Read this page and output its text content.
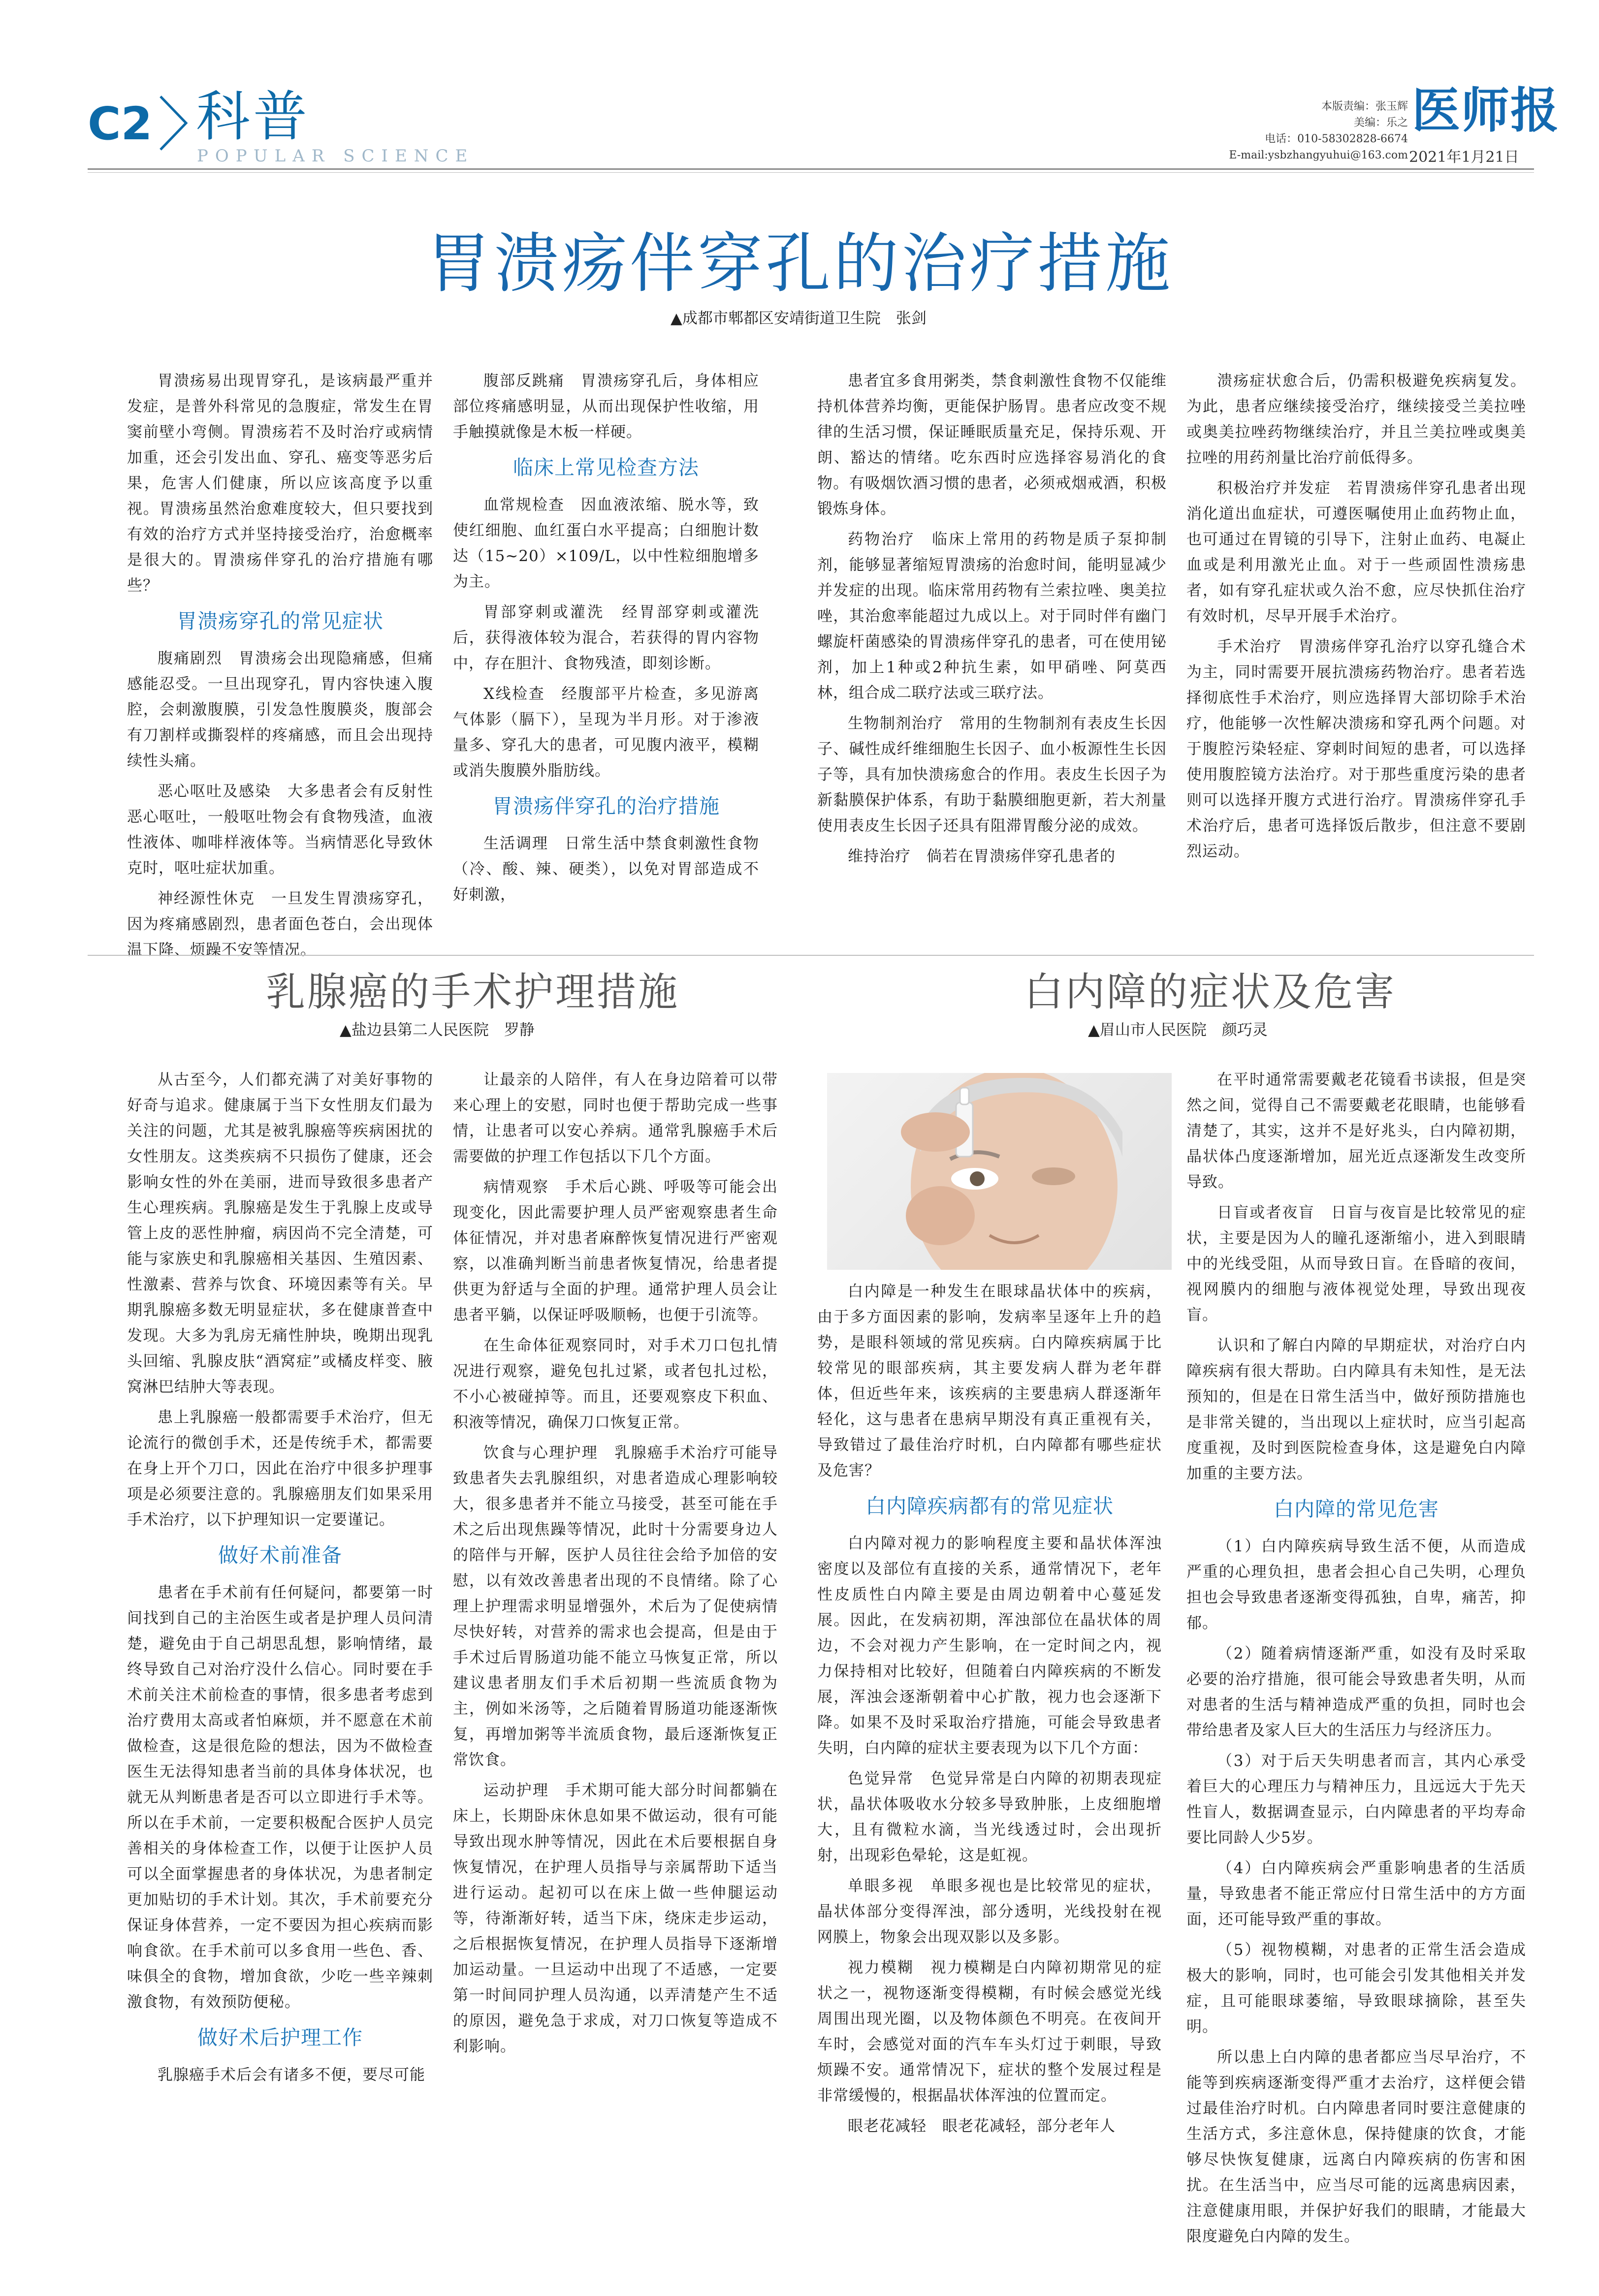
C2 科普
POPULAR SCIENCE
本版责编：张玉辉
美编：乐之
电话：010-58302828-6674
E-mail:ysbzhangyuhui@163.com
医师报
2021年1月21日
胃溃疡伴穿孔的治疗措施
▲成都市郫都区安靖街道卫生院　张剑

胃溃疡易出现胃穿孔，是该病最严重并发症，是普外科常见的急腹症，常发生在胃窦前壁小弯侧。胃溃疡若不及时治疗或病情加重，还会引发出血、穿孔、癌变等恶劣后果，危害人们健康，所以应该高度予以重视。胃溃疡虽然治愈难度较大，但只要找到有效的治疗方式并坚持接受治疗，治愈概率是很大的。胃溃疡伴穿孔的治疗措施有哪些？

胃溃疡穿孔的常见症状

腹痛剧烈　胃溃疡会出现隐痛感，但痛感能忍受。一旦出现穿孔，胃内容快速入腹腔，会刺激腹膜，引发急性腹膜炎，腹部会有刀割样或撕裂样的疼痛感，而且会出现持续性头痛。

恶心呕吐及感染　大多患者会有反射性恶心呕吐，一般呕吐物会有食物残渣，血液性液体、咖啡样液体等。当病情恶化导致休克时，呕吐症状加重。

神经源性休克　一旦发生胃溃疡穿孔，因为疼痛感剧烈，患者面色苍白，会出现体温下降、烦躁不安等情况。

腹部反跳痛　胃溃疡穿孔后，身体相应部位疼痛感明显，从而出现保护性收缩，用手触摸就像是木板一样硬。

临床上常见检查方法

血常规检查　因血液浓缩、脱水等，致使红细胞、血红蛋白水平提高；白细胞计数达（15~20）×109/L，以中性粒细胞增多为主。

胃部穿刺或灌洗　经胃部穿刺或灌洗后，获得液体较为混合，若获得的胃内容物中，存在胆汁、食物残渣，即刻诊断。

X线检查　经腹部平片检查，多见游离气体影（膈下），呈现为半月形。对于渗液量多、穿孔大的患者，可见腹内液平，模糊或消失腹膜外脂肪线。

胃溃疡伴穿孔的治疗措施

生活调理　日常生活中禁食刺激性食物（冷、酸、辣、硬类），以免对胃部造成不好刺激，

患者宜多食用粥类，禁食刺激性食物不仅能维持机体营养均衡，更能保护肠胃。患者应改变不规律的生活习惯，保证睡眠质量充足，保持乐观、开朗、豁达的情绪。吃东西时应选择容易消化的食物。有吸烟饮酒习惯的患者，必须戒烟戒酒，积极锻炼身体。

药物治疗　临床上常用的药物是质子泵抑制剂，能够显著缩短胃溃疡的治愈时间，能明显减少并发症的出现。临床常用药物有兰索拉唑、奥美拉唑，其治愈率能超过九成以上。对于同时伴有幽门螺旋杆菌感染的胃溃疡伴穿孔的患者，可在使用铋剂，加上1种或2种抗生素，如甲硝唑、阿莫西林，组合成二联疗法或三联疗法。

生物制剂治疗　常用的生物制剂有表皮生长因子、碱性成纤维细胞生长因子、血小板源性生长因子等，具有加快溃疡愈合的作用。表皮生长因子为新黏膜保护体系，有助于黏膜细胞更新，若大剂量使用表皮生长因子还具有阻滞胃酸分泌的成效。

维持治疗　倘若在胃溃疡伴穿孔患者的

溃疡症状愈合后，仍需积极避免疾病复发。为此，患者应继续接受治疗，继续接受兰美拉唑或奥美拉唑药物继续治疗，并且兰美拉唑或奥美拉唑的用药剂量比治疗前低得多。

积极治疗并发症　若胃溃疡伴穿孔患者出现消化道出血症状，可遵医嘱使用止血药物止血，也可通过在胃镜的引导下，注射止血药、电凝止血或是利用激光止血。对于一些顽固性溃疡患者，如有穿孔症状或久治不愈，应尽快抓住治疗有效时机，尽早开展手术治疗。

手术治疗　胃溃疡伴穿孔治疗以穿孔缝合术为主，同时需要开展抗溃疡药物治疗。患者若选择彻底性手术治疗，则应选择胃大部切除手术治疗，他能够一次性解决溃疡和穿孔两个问题。对于腹腔污染轻症、穿刺时间短的患者，可以选择使用腹腔镜方法治疗。对于那些重度污染的患者则可以选择开腹方式进行治疗。胃溃疡伴穿孔手术治疗后，患者可选择饭后散步，但注意不要剧烈运动。

乳腺癌的手术护理措施
▲盐边县第二人民医院　罗静

从古至今，人们都充满了对美好事物的好奇与追求。健康属于当下女性朋友们最为关注的问题，尤其是被乳腺癌等疾病困扰的女性朋友。这类疾病不只损伤了健康，还会影响女性的外在美丽，进而导致很多患者产生心理疾病。乳腺癌是发生于乳腺上皮或导管上皮的恶性肿瘤，病因尚不完全清楚，可能与家族史和乳腺癌相关基因、生殖因素、性激素、营养与饮食、环境因素等有关。早期乳腺癌多数无明显症状，多在健康普查中发现。大多为乳房无痛性肿块，晚期出现乳头回缩、乳腺皮肤“酒窝症”或橘皮样变、腋窝淋巴结肿大等表现。

患上乳腺癌一般都需要手术治疗，但无论流行的微创手术，还是传统手术，都需要在身上开个刀口，因此在治疗中很多护理事项是必须要注意的。乳腺癌朋友们如果采用手术治疗，以下护理知识一定要谨记。

做好术前准备

患者在手术前有任何疑问，都要第一时间找到自己的主治医生或者是护理人员问清楚，避免由于自己胡思乱想，影响情绪，最终导致自己对治疗没什么信心。同时要在手术前关注术前检查的事情，很多患者考虑到治疗费用太高或者怕麻烦，并不愿意在术前做检查，这是很危险的想法，因为不做检查医生无法得知患者当前的具体身体状况，也就无从判断患者是否可以立即进行手术等。所以在手术前，一定要积极配合医护人员完善相关的身体检查工作，以便于让医护人员可以全面掌握患者的身体状况，为患者制定更加贴切的手术计划。其次，手术前要充分保证身体营养，一定不要因为担心疾病而影响食欲。在手术前可以多食用一些色、香、味俱全的食物，增加食欲，少吃一些辛辣刺激食物，有效预防便秘。

做好术后护理工作

乳腺癌手术后会有诸多不便，要尽可能

让最亲的人陪伴，有人在身边陪着可以带来心理上的安慰，同时也便于帮助完成一些事情，让患者可以安心养病。通常乳腺癌手术后需要做的护理工作包括以下几个方面。

病情观察　手术后心跳、呼吸等可能会出现变化，因此需要护理人员严密观察患者生命体征情况，并对患者麻醉恢复情况进行严密观察，以准确判断当前患者恢复情况，给患者提供更为舒适与全面的护理。通常护理人员会让患者平躺，以保证呼吸顺畅，也便于引流等。

在生命体征观察同时，对手术刀口包扎情况进行观察，避免包扎过紧，或者包扎过松，不小心被碰掉等。而且，还要观察皮下积血、积液等情况，确保刀口恢复正常。

饮食与心理护理　乳腺癌手术治疗可能导致患者失去乳腺组织，对患者造成心理影响较大，很多患者并不能立马接受，甚至可能在手术之后出现焦躁等情况，此时十分需要身边人的陪伴与开解，医护人员往往会给予加倍的安慰，以有效改善患者出现的不良情绪。除了心理上护理需求明显增强外，术后为了促使病情尽快好转，对营养的需求也会提高，但是由于手术过后胃肠道功能不能立马恢复正常，所以建议患者朋友们手术后初期一些流质食物为主，例如米汤等，之后随着胃肠道功能逐渐恢复，再增加粥等半流质食物，最后逐渐恢复正常饮食。

运动护理　手术期可能大部分时间都躺在床上，长期卧床休息如果不做运动，很有可能导致出现水肿等情况，因此在术后要根据自身恢复情况，在护理人员指导与亲属帮助下适当进行运动。起初可以在床上做一些伸腿运动等，待渐渐好转，适当下床，绕床走步运动，之后根据恢复情况，在护理人员指导下逐渐增加运动量。一旦运动中出现了不适感，一定要第一时间同护理人员沟通，以弄清楚产生不适的原因，避免急于求成，对刀口恢复等造成不利影响。

白内障的症状及危害
▲眉山市人民医院　颜巧灵

白内障是一种发生在眼球晶状体中的疾病，由于多方面因素的影响，发病率呈逐年上升的趋势，是眼科领域的常见疾病。白内障疾病属于比较常见的眼部疾病，其主要发病人群为老年群体，但近些年来，该疾病的主要患病人群逐渐年轻化，这与患者在患病早期没有真正重视有关，导致错过了最佳治疗时机，白内障都有哪些症状及危害？

白内障疾病都有的常见症状

白内障对视力的影响程度主要和晶状体浑浊密度以及部位有直接的关系，通常情况下，老年性皮质性白内障主要是由周边朝着中心蔓延发展。因此，在发病初期，浑浊部位在晶状体的周边，不会对视力产生影响，在一定时间之内，视力保持相对比较好，但随着白内障疾病的不断发展，浑浊会逐渐朝着中心扩散，视力也会逐渐下降。如果不及时采取治疗措施，可能会导致患者失明，白内障的症状主要表现为以下几个方面：

色觉异常　色觉异常是白内障的初期表现症状，晶状体吸收水分较多导致肿胀，上皮细胞增大，且有微粒水滴，当光线透过时，会出现折射，出现彩色晕轮，这是虹视。

单眼多视　单眼多视也是比较常见的症状，晶状体部分变得浑浊，部分透明，光线投射在视网膜上，物象会出现双影以及多影。

视力模糊　视力模糊是白内障初期常见的症状之一，视物逐渐变得模糊，有时候会感觉光线周围出现光圈，以及物体颜色不明亮。在夜间开车时，会感觉对面的汽车车头灯过于刺眼，导致烦躁不安。通常情况下，症状的整个发展过程是非常缓慢的，根据晶状体浑浊的位置而定。

眼老花减轻　眼老花减轻，部分老年人

在平时通常需要戴老花镜看书读报，但是突然之间，觉得自己不需要戴老花眼睛，也能够看清楚了，其实，这并不是好兆头，白内障初期，晶状体凸度逐渐增加，屈光近点逐渐发生改变所导致。

日盲或者夜盲　日盲与夜盲是比较常见的症状，主要是因为人的瞳孔逐渐缩小，进入到眼睛中的光线受阻，从而导致日盲。在昏暗的夜间，视网膜内的细胞与液体视觉处理，导致出现夜盲。

认识和了解白内障的早期症状，对治疗白内障疾病有很大帮助。白内障具有未知性，是无法预知的，但是在日常生活当中，做好预防措施也是非常关键的，当出现以上症状时，应当引起高度重视，及时到医院检查身体，这是避免白内障加重的主要方法。

白内障的常见危害

（1）白内障疾病导致生活不便，从而造成严重的心理负担，患者会担心自己失明，心理负担也会导致患者逐渐变得孤独，自卑，痛苦，抑郁。

（2）随着病情逐渐严重，如没有及时采取必要的治疗措施，很可能会导致患者失明，从而对患者的生活与精神造成严重的负担，同时也会带给患者及家人巨大的生活压力与经济压力。

（3）对于后天失明患者而言，其内心承受着巨大的心理压力与精神压力，且远远大于先天性盲人，数据调查显示，白内障患者的平均寿命要比同龄人少5岁。

（4）白内障疾病会严重影响患者的生活质量，导致患者不能正常应付日常生活中的方方面面，还可能导致严重的事故。

（5）视物模糊，对患者的正常生活会造成极大的影响，同时，也可能会引发其他相关并发症，且可能眼球萎缩，导致眼球摘除，甚至失明。

所以患上白内障的患者都应当尽早治疗，不能等到疾病逐渐变得严重才去治疗，这样便会错过最佳治疗时机。白内障患者同时要注意健康的生活方式，多注意休息，保持健康的饮食，才能够尽快恢复健康，远离白内障疾病的伤害和困扰。在生活当中，应当尽可能的远离患病因素，注意健康用眼，并保护好我们的眼睛，才能最大限度避免白内障的发生。
